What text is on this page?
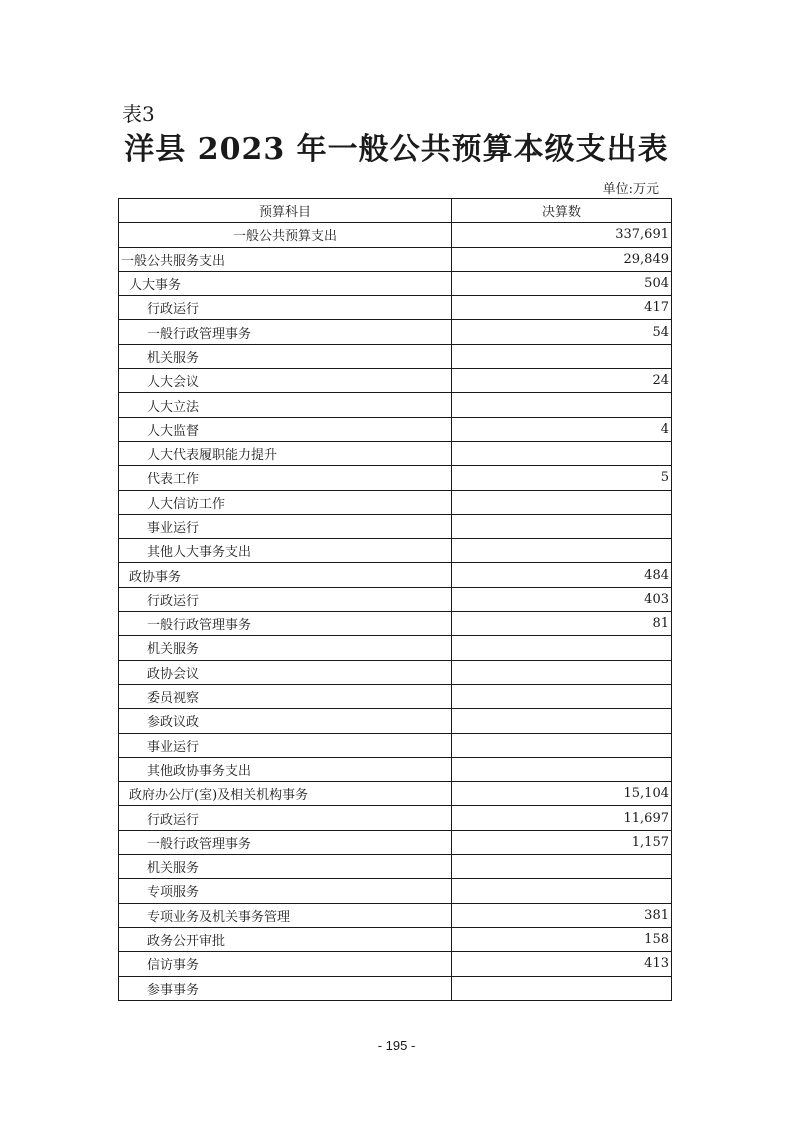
表3
洋县 2023 年一般公共预算本级支出表
单位:万元
预算科目	决算数
一般公共预算支出	337,691
一般公共服务支出	29,849
人大事务	504
行政运行	417
一般行政管理事务	54
机关服务	
人大会议	24
人大立法	
人大监督	4
人大代表履职能力提升	
代表工作	5
人大信访工作	
事业运行	
其他人大事务支出	
政协事务	484
行政运行	403
一般行政管理事务	81
机关服务	
政协会议	
委员视察	
参政议政	
事业运行	
其他政协事务支出	
政府办公厅(室)及相关机构事务	15,104
行政运行	11,697
一般行政管理事务	1,157
机关服务	
专项服务	
专项业务及机关事务管理	381
政务公开审批	158
信访事务	413
参事事务	
- 195 -
